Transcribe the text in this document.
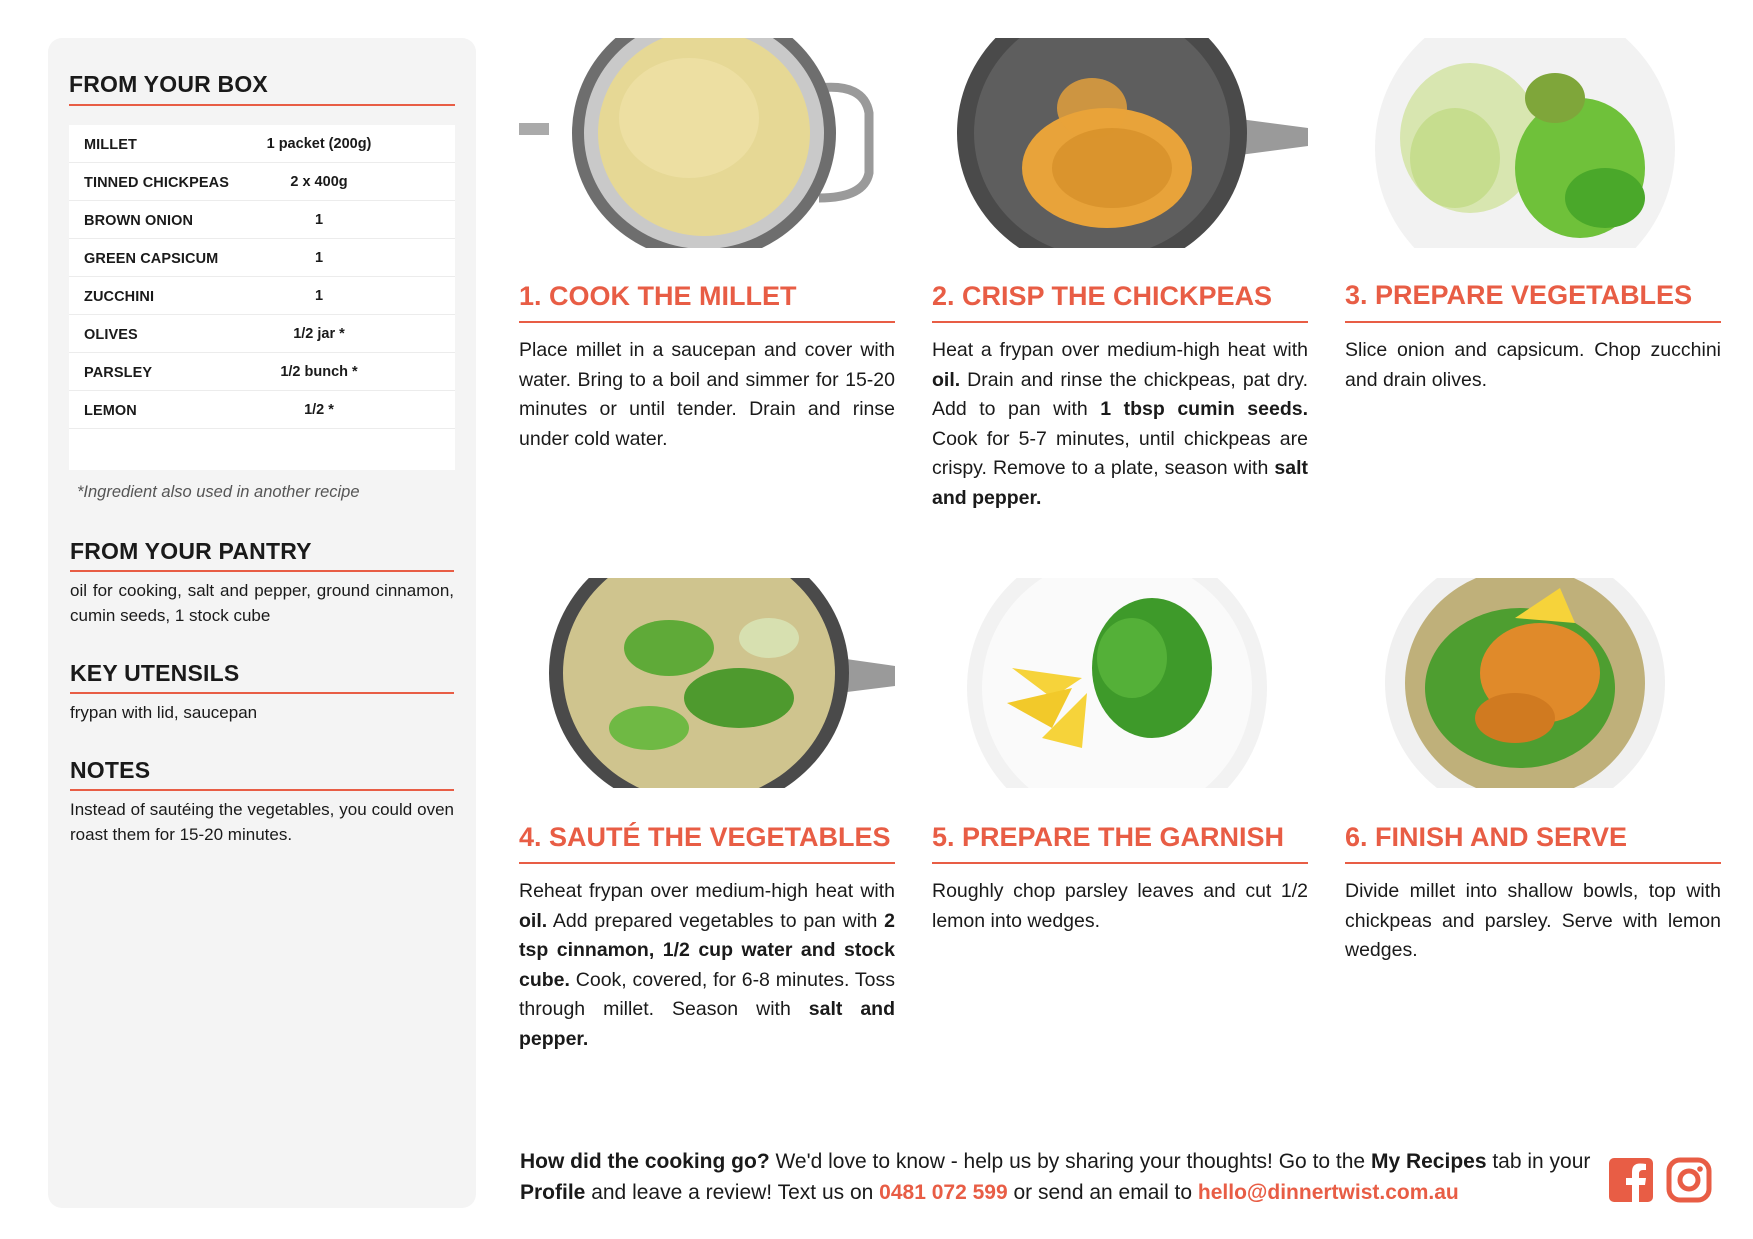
FROM YOUR BOX
MILLET	1 packet (200g)
TINNED CHICKPEAS	2 x 400g
BROWN ONION	1
GREEN CAPSICUM	1
ZUCCHINI	1
OLIVES	1/2 jar *
PARSLEY	1/2 bunch *
LEMON	1/2 *
*Ingredient also used in another recipe
FROM YOUR PANTRY
oil for cooking, salt and pepper, ground cinnamon, cumin seeds, 1 stock cube
KEY UTENSILS
frypan with lid, saucepan
NOTES
Instead of sautéing the vegetables, you could oven roast them for 15-20 minutes.
1. COOK THE MILLET
Place millet in a saucepan and cover with water. Bring to a boil and simmer for 15-20 minutes or until tender. Drain and rinse under cold water.
2. CRISP THE CHICKPEAS
Heat a frypan over medium-high heat with oil. Drain and rinse the chickpeas, pat dry. Add to pan with 1 tbsp cumin seeds. Cook for 5-7 minutes, until chickpeas are crispy. Remove to a plate, season with salt and pepper.
3. PREPARE VEGETABLES
Slice onion and capsicum. Chop zucchini and drain olives.
4. SAUTÉ THE VEGETABLES
Reheat frypan over medium-high heat with oil. Add prepared vegetables to pan with 2 tsp cinnamon, 1/2 cup water and stock cube. Cook, covered, for 6-8 minutes. Toss through millet. Season with salt and pepper.
5. PREPARE THE GARNISH
Roughly chop parsley leaves and cut 1/2 lemon into wedges.
6. FINISH AND SERVE
Divide millet into shallow bowls, top with chickpeas and parsley. Serve with lemon wedges.
How did the cooking go? We'd love to know - help us by sharing your thoughts! Go to the My Recipes tab in your Profile and leave a review! Text us on 0481 072 599 or send an email to hello@dinnertwist.com.au
